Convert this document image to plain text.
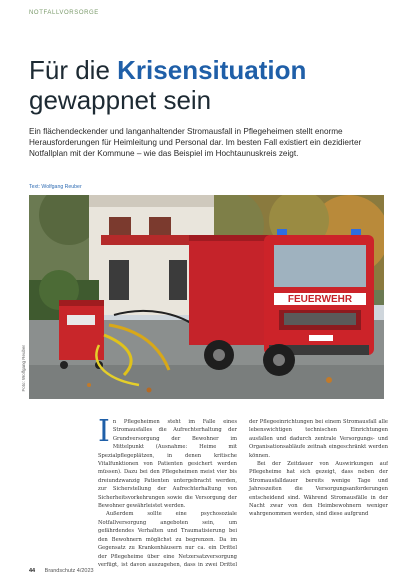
NOTFALLVORSORGE
Für die Krisensituation
gewappnet sein
Ein flächendeckender und langanhaltender Stromausfall in Pflegeheimen stellt enorme Herausforderungen für Heimleitung und Personal dar. Im besten Fall existiert ein dezidierter Notfallplan mit der Kommune – wie das Beispiel im Hochtaunuskreis zeigt.
Text: Wolfgang Reuber
Foto: Wolfgang Reuber
FEUERWEHR

In Pflegeheimen steht im Falle eines Stromausfalles die Aufrechterhaltung der Grundversorgung der Bewohner im Mittelpunkt (Ausnahme: Heime mit Spezialpflegeplätzen, in denen kritische Vitalfunktionen von Patienten gesichert werden müssen). Dazu bei den Pflegeheimen meist vier bis dreiundzwanzig Patienten untergebracht werden, zur Sicherstellung der Aufrechterhaltung von Sicherheitsvorkehrungen sowie die Versorgung der Bewohner gewährleistet werden.

Außerdem sollte eine psychosoziale Notfallversorgung angeboten sein, um gefährdendes Verhalten und Traumatisierung bei den Bewohnern möglichst zu begrenzen. Da im Gegensatz zu Krankenhäusern nur ca. ein Drittel der Pflegeheime über eine Netzersatzversorgung verfügt, ist davon auszugehen, dass in zwei Drittel der Pflegeeinrichtungen bei einem Stromausfall alle lebenswichtigen technischen Einrichtungen ausfallen und dadurch zentrale Versorgungs- und Organisationsabläufe zeitnah eingeschränkt werden können.

Bei der Zeitdauer von Auswirkungen auf Pflegeheime hat sich gezeigt, dass neben der Stromausfalldauer bereits wenige Tage und Jahreszeiten die Versorgungsanforderungen entscheidend sind. Während Stromausfälle in der Nacht zwar von den Heimbewohnern weniger wahrgenommen werden, sind diese aufgrund

44 Brandschutz 4/2023
